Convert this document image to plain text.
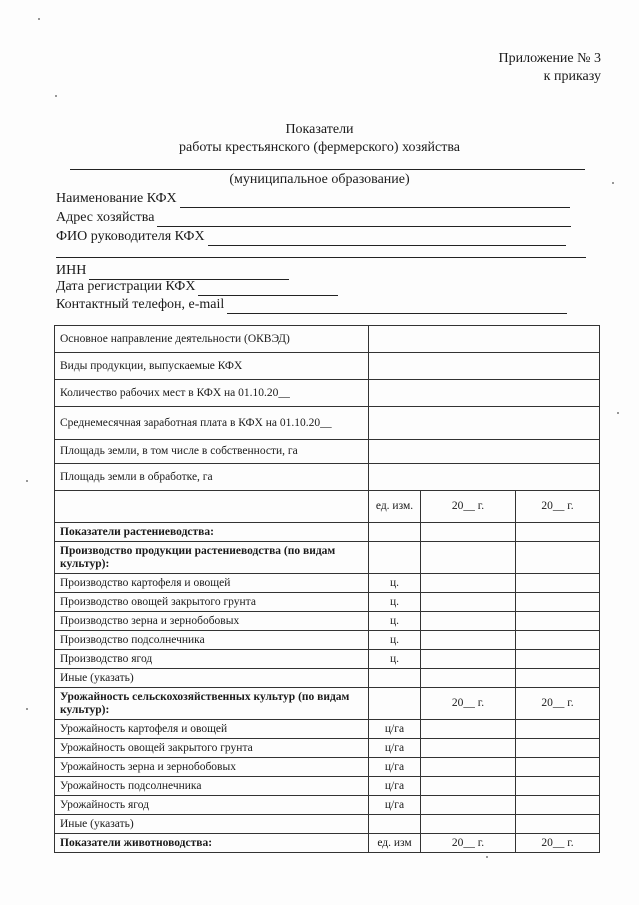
Приложение № 3
к приказу
Показатели
работы крестьянского (фермерского) хозяйства
(муниципальное образование)
Наименование КФХ
Адрес хозяйства
ФИО руководителя КФХ
ИНН
Дата регистрации КФХ
Контактный телефон, e-mail
Основное направление деятельности (ОКВЭД)			
Виды продукции, выпускаемые КФХ			
Количество рабочих мест в КФХ на 01.10.20__			
Среднемесячная заработная плата в КФХ на 01.10.20__			
Площадь земли, в том числе в собственности, га			
Площадь земли в обработке, га			
	ед. изм.	20__ г.	20__ г.
Показатели растениеводства:			
Производство продукции растениеводства (по видам культур):			
Производство картофеля и овощей	ц.		
Производство овощей закрытого грунта	ц.		
Производство зерна и зернобобовых	ц.		
Производство подсолнечника	ц.		
Производство ягод	ц.		
Иные (указать)			
Урожайность сельскохозяйственных культур (по видам культур):		20__ г.	20__ г.
Урожайность картофеля и овощей	ц/га		
Урожайность овощей закрытого грунта	ц/га		
Урожайность зерна и зернобобовых	ц/га		
Урожайность подсолнечника	ц/га		
Урожайность ягод	ц/га		
Иные (указать)			
Показатели животноводства:	ед. изм	20__ г.	20__ г.
